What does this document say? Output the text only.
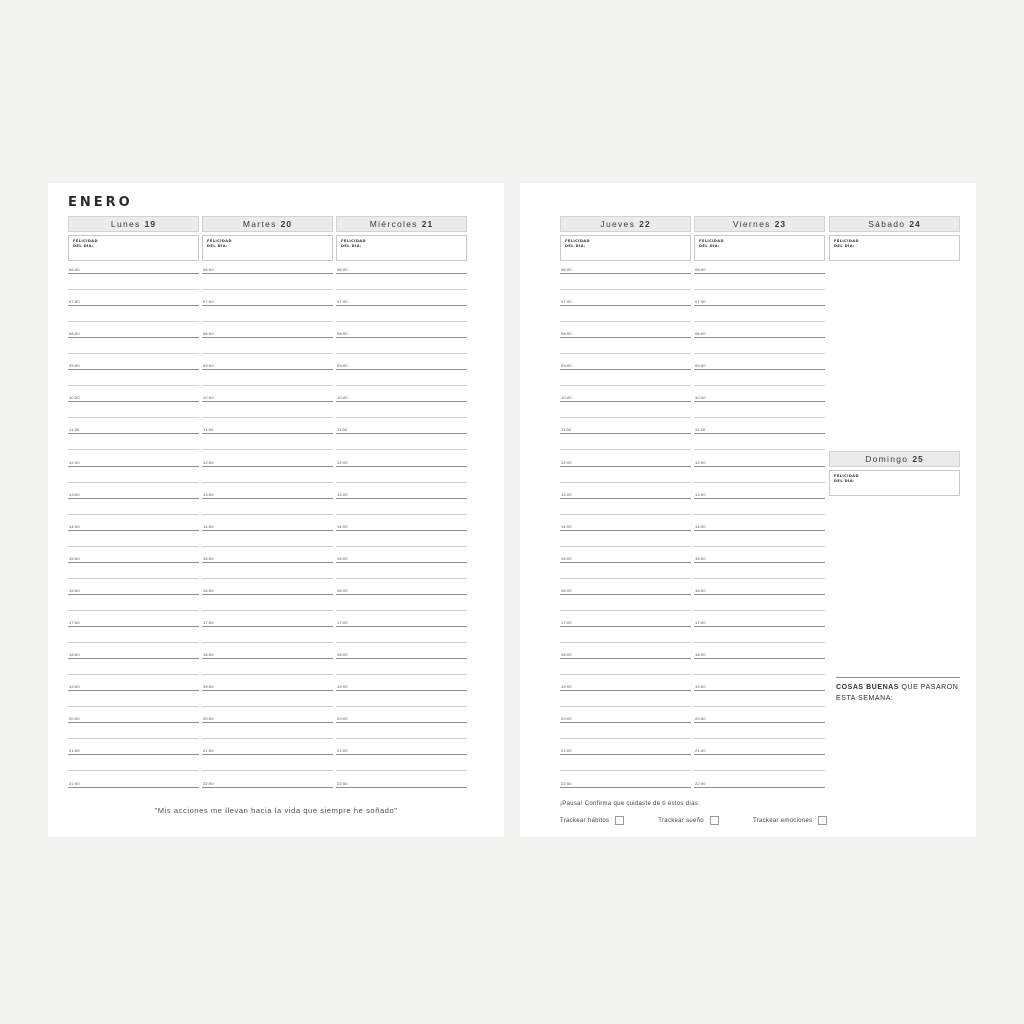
ENERO
Lunes 19
FELICIDAD
DEL DÍA:
06:00
07:00
08:00
09:00
10:00
11:00
12:00
13:00
14:00
15:00
16:00
17:00
18:00
19:00
20:00
21:00
22:00
Martes 20
FELICIDAD
DEL DÍA:
06:00
07:00
08:00
09:00
10:00
11:00
12:00
13:00
14:00
15:00
16:00
17:00
18:00
19:00
20:00
21:00
22:00
Miércoles 21
FELICIDAD
DEL DÍA:
06:00
07:00
08:00
09:00
10:00
11:00
12:00
13:00
14:00
15:00
16:00
17:00
18:00
19:00
20:00
21:00
22:00
"Mis acciones me llevan hacia la vida que siempre he soñado"
Jueves 22
FELICIDAD
DEL DÍA:
06:00
07:00
08:00
09:00
10:00
11:00
12:00
13:00
14:00
15:00
16:00
17:00
18:00
19:00
20:00
21:00
22:00
Viernes 23
FELICIDAD
DEL DÍA:
06:00
07:00
08:00
09:00
10:00
11:00
12:00
13:00
14:00
15:00
16:00
17:00
18:00
19:00
20:00
21:00
22:00
Sábado 24
FELICIDAD
DEL DÍA:
Domingo 25
FELICIDAD
DEL DÍA:
COSAS BUENAS QUE PASARON ESTA SEMANA:
¡Pausa! Confirma que cuidaste de ti estos días:
Trackear hábitos	Trackear sueño	Trackear emociones
